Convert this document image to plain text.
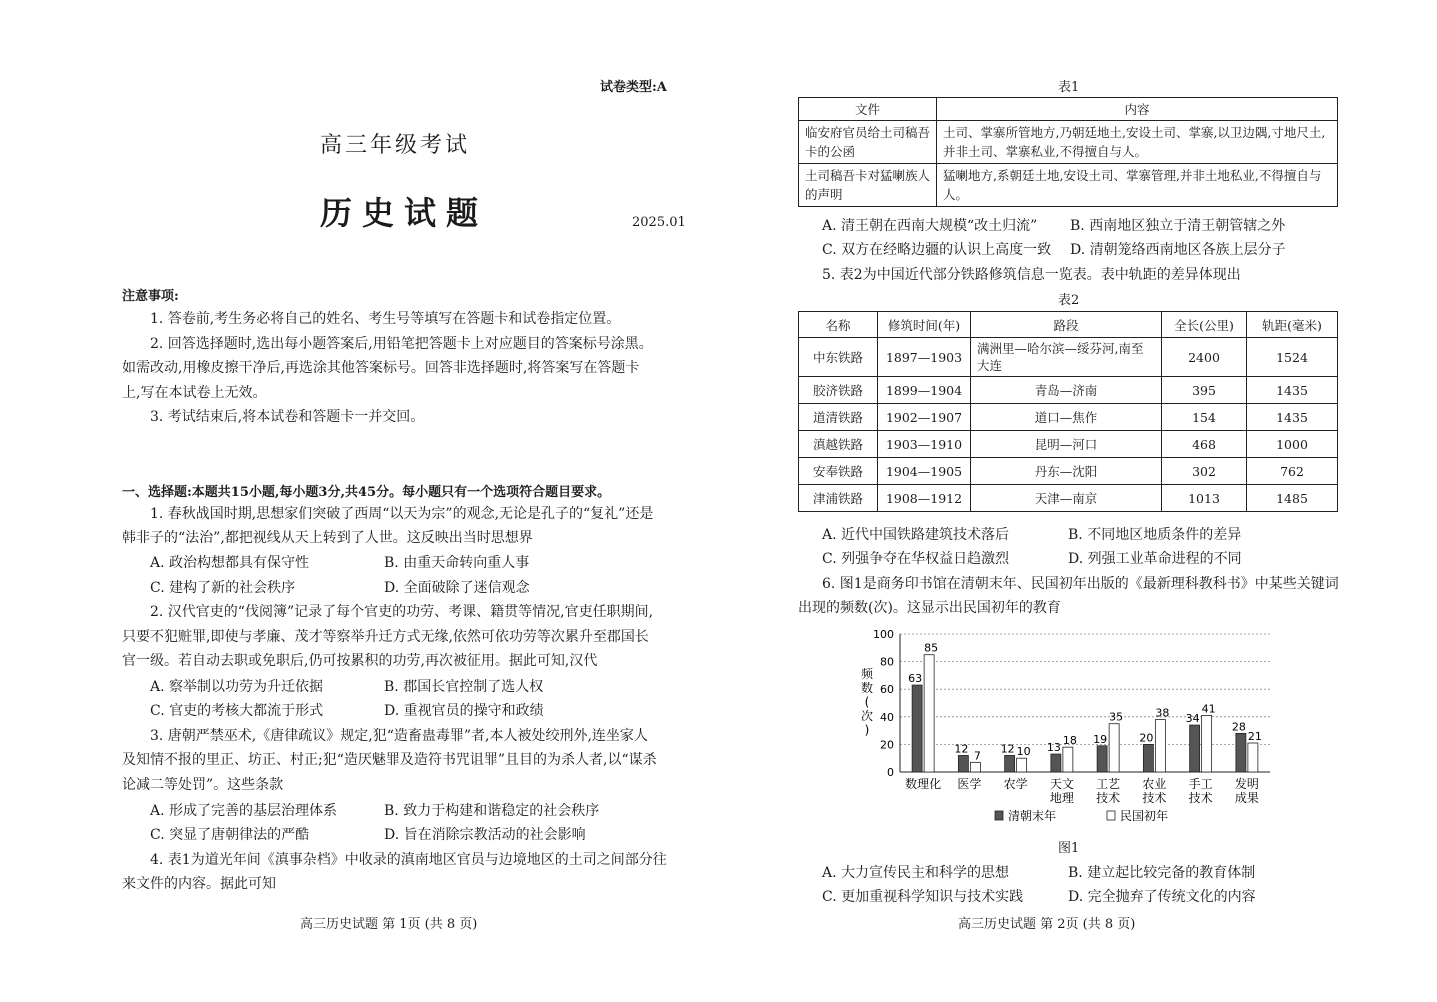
试卷类型:A
高三年级考试
历史试题	2025.01
注意事项:
1. 答卷前,考生务必将自己的姓名、考生号等填写在答题卡和试卷指定位置。
2. 回答选择题时,选出每小题答案后,用铅笔把答题卡上对应题目的答案标号涂黑。
如需改动,用橡皮擦干净后,再选涂其他答案标号。回答非选择题时,将答案写在答题卡
上,写在本试卷上无效。
3. 考试结束后,将本试卷和答题卡一并交回。
一、选择题:本题共15小题,每小题3分,共45分。每小题只有一个选项符合题目要求。
1. 春秋战国时期,思想家们突破了西周“以天为宗”的观念,无论是孔子的“复礼”还是
韩非子的“法治”,都把视线从天上转到了人世。这反映出当时思想界
A. 政治构想都具有保守性	B. 由重天命转向重人事
C. 建构了新的社会秩序	D. 全面破除了迷信观念
2. 汉代官吏的“伐阅簿”记录了每个官吏的功劳、考课、籍贯等情况,官吏任职期间,
只要不犯赃罪,即使与孝廉、茂才等察举升迁方式无缘,依然可依功劳等次累升至郡国长
官一级。若自动去职或免职后,仍可按累积的功劳,再次被征用。据此可知,汉代
A. 察举制以功劳为升迁依据	B. 郡国长官控制了选人权
C. 官吏的考核大都流于形式	D. 重视官员的操守和政绩
3. 唐朝严禁巫术,《唐律疏议》规定,犯“造畜蛊毒罪”者,本人被处绞刑外,连坐家人
及知情不报的里正、坊正、村正;犯“造厌魅罪及造符书咒诅罪”且目的为杀人者,以“谋杀
论减二等处罚”。这些条款
A. 形成了完善的基层治理体系	B. 致力于构建和谐稳定的社会秩序
C. 突显了唐朝律法的严酷	D. 旨在消除宗教活动的社会影响
4. 表1为道光年间《滇事杂档》中收录的滇南地区官员与边境地区的土司之间部分往
来文件的内容。据此可知
高三历史试题 第 1页 (共 8 页)
表1
文件	内容
临安府官员给土司稿吾卡的公函	土司、掌寨所管地方,乃朝廷地土,安设土司、掌寨,以卫边隅,寸地尺土,并非土司、掌寨私业,不得擅自与人。
土司稿吾卡对猛喇族人的声明	猛喇地方,系朝廷土地,安设土司、掌寨管理,并非土地私业,不得擅自与人。
A. 清王朝在西南大规模“改土归流” B. 西南地区独立于清王朝管辖之外
C. 双方在经略边疆的认识上高度一致 D. 清朝笼络西南地区各族上层分子
5. 表2为中国近代部分铁路修筑信息一览表。表中轨距的差异体现出
表2
名称	修筑时间(年)	路段	全长(公里)	轨距(毫米)
中东铁路	1897—1903	满洲里—哈尔滨—绥芬河,南至大连	2400	1524
胶济铁路	1899—1904	青岛—济南	395	1435
道清铁路	1902—1907	道口—焦作	154	1435
滇越铁路	1903—1910	昆明—河口	468	1000
安奉铁路	1904—1905	丹东—沈阳	302	762
津浦铁路	1908—1912	天津—南京	1013	1485
A. 近代中国铁路建筑技术落后	B. 不同地区地质条件的差异
C. 列强争夺在华权益日趋激烈	D. 列强工业革命进程的不同
6. 图1是商务印书馆在清朝末年、民国初年出版的《最新理科教科书》中某些关键词
出现的频数(次)。这显示出民国初年的教育
0
20
40
60
80
100
频
数
(
次
)
63
85
数理化
12
7
医学
12 10
农学
13
18
天文
地理
19
35
工艺
技术
20
38
农业
技术
34
41
手工
技术
28
21
发明
成果
清朝末年	民国初年
图1
A. 大力宣传民主和科学的思想	B. 建立起比较完备的教育体制
C. 更加重视科学知识与技术实践	D. 完全抛弃了传统文化的内容
高三历史试题 第 2页 (共 8 页)
